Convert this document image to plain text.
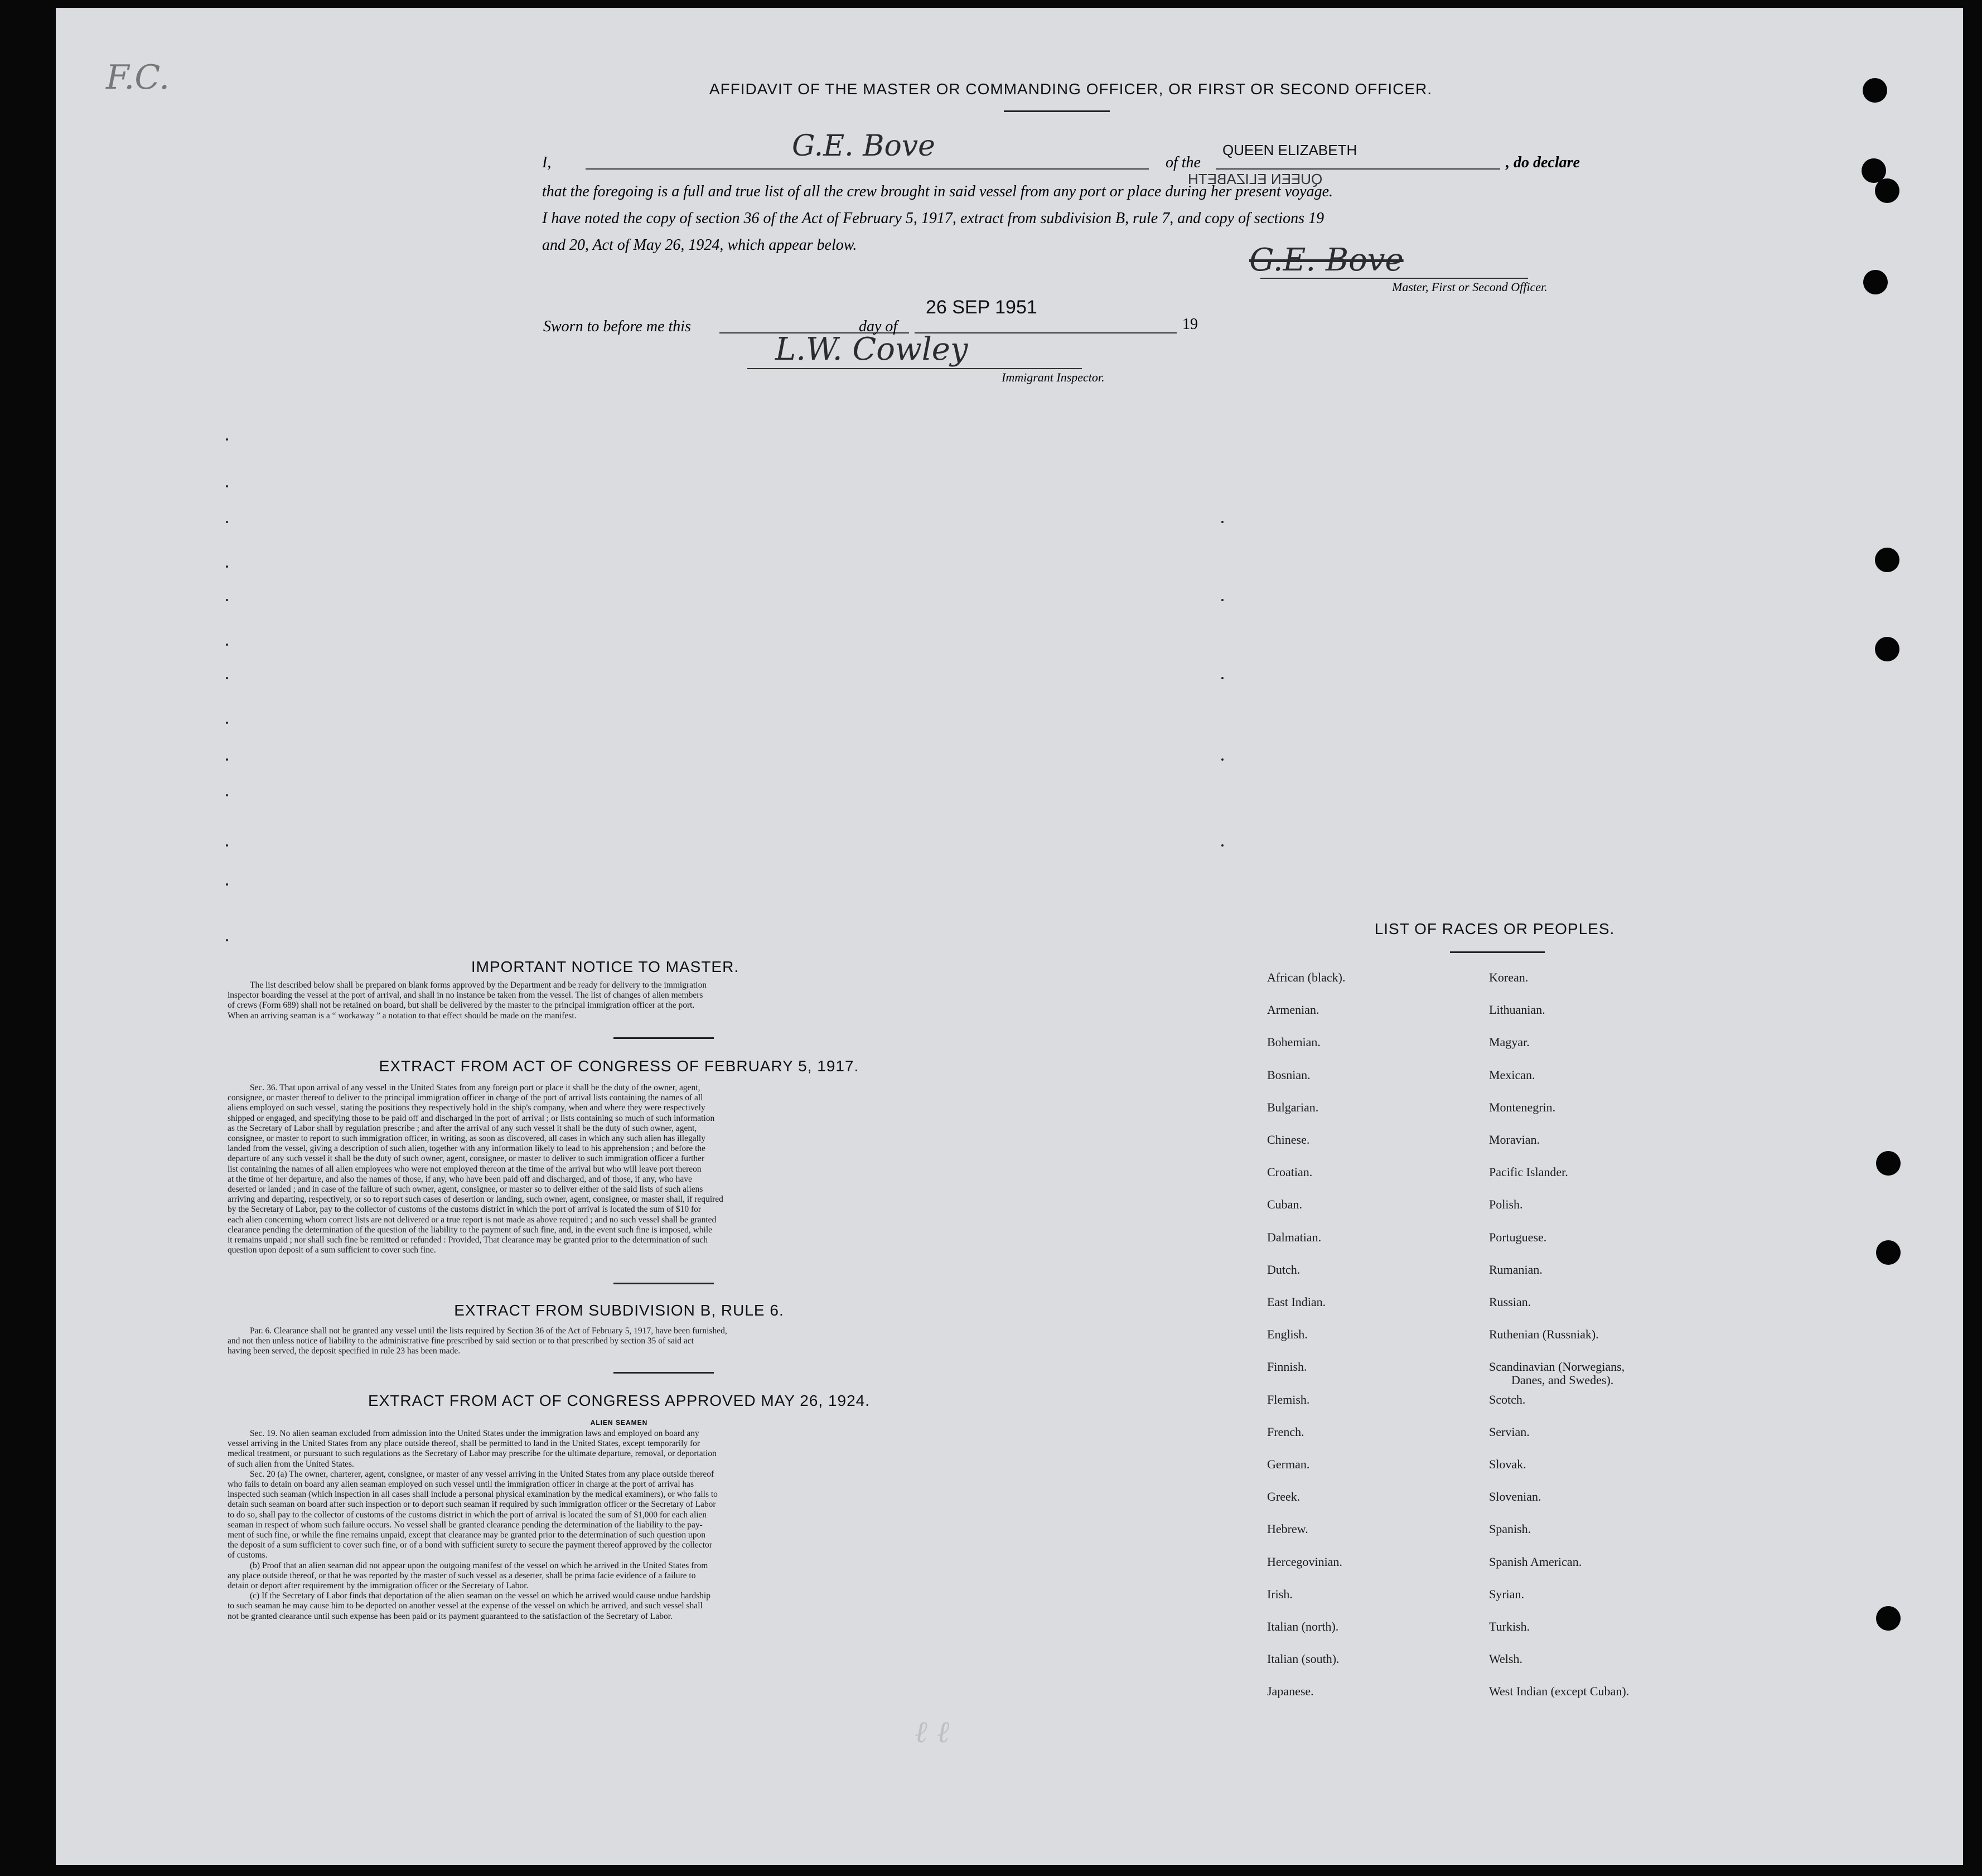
F.C.	AFFIDAVIT OF THE MASTER OR COMMANDING OFFICER, OR FIRST OR SECOND OFFICER.
QUEEN ELIZABETH
I,	G.E. Bove	of the
QUEEN ELIZABETH
, do declare
that the foregoing is a full and true list of all the crew brought in said vessel from any port or place during her present voyage.
I have noted the copy of section 36 of the Act of February 5, 1917, extract from subdivision B, rule 7, and copy of sections 19
and 20, Act of May 26, 1924, which appear below.	G.E. Bove
Master, First or Second Officer.
Sworn to before me this	day of
26 SEP 1951
19
L.W. Cowley
Immigrant Inspector.
LIST OF RACES OR PEOPLES.
African (black).
Armenian.
Bohemian.
Bosnian.
Bulgarian.
Chinese.
Croatian.
Cuban.
Dalmatian.
Dutch.
East Indian.
English.
Finnish.
Flemish.
French.
German.
Greek.
Hebrew.
Hercegovinian.
Irish.
Italian (north).
Italian (south).
Japanese.
Korean.
Lithuanian.
Magyar.
Mexican.
Montenegrin.
Moravian.
Pacific Islander.
Polish.
Portuguese.
Rumanian.
Russian.
Ruthenian (Russniak).
Scandinavian (Norwegians,
Scotch.
Servian.
Slovak.
Slovenian.
Spanish.
Spanish American.
Syrian.
Turkish.
Welsh.
West Indian (except Cuban).
Danes, and Swedes).
IMPORTANT NOTICE TO MASTER.
The list described below shall be prepared on blank forms approved by the Department and be ready for delivery to the immigration
inspector boarding the vessel at the port of arrival, and shall in no instance be taken from the vessel. The list of changes of alien members
of crews (Form 689) shall not be retained on board, but shall be delivered by the master to the principal immigration officer at the port.
When an arriving seaman is a “ workaway ” a notation to that effect should be made on the manifest.
EXTRACT FROM ACT OF CONGRESS OF FEBRUARY 5, 1917.
Sec. 36. That upon arrival of any vessel in the United States from any foreign port or place it shall be the duty of the owner, agent,
consignee, or master thereof to deliver to the principal immigration officer in charge of the port of arrival lists containing the names of all
aliens employed on such vessel, stating the positions they respectively hold in the ship's company, when and where they were respectively
shipped or engaged, and specifying those to be paid off and discharged in the port of arrival ; or lists containing so much of such information
as the Secretary of Labor shall by regulation prescribe ; and after the arrival of any such vessel it shall be the duty of such owner, agent,
consignee, or master to report to such immigration officer, in writing, as soon as discovered, all cases in which any such alien has illegally
landed from the vessel, giving a description of such alien, together with any information likely to lead to his apprehension ; and before the
departure of any such vessel it shall be the duty of such owner, agent, consignee, or master to deliver to such immigration officer a further
list containing the names of all alien employees who were not employed thereon at the time of the arrival but who will leave port thereon
at the time of her departure, and also the names of those, if any, who have been paid off and discharged, and of those, if any, who have
deserted or landed ; and in case of the failure of such owner, agent, consignee, or master so to deliver either of the said lists of such aliens
arriving and departing, respectively, or so to report such cases of desertion or landing, such owner, agent, consignee, or master shall, if required
by the Secretary of Labor, pay to the collector of customs of the customs district in which the port of arrival is located the sum of $10 for
each alien concerning whom correct lists are not delivered or a true report is not made as above required ; and no such vessel shall be granted
clearance pending the determination of the question of the liability to the payment of such fine, and, in the event such fine is imposed, while
it remains unpaid ; nor shall such fine be remitted or refunded : Provided, That clearance may be granted prior to the determination of such
question upon deposit of a sum sufficient to cover such fine.
EXTRACT FROM SUBDIVISION B, RULE 6.
Par. 6. Clearance shall not be granted any vessel until the lists required by Section 36 of the Act of February 5, 1917, have been furnished,
and not then unless notice of liability to the administrative fine prescribed by said section or to that prescribed by section 35 of said act
having been served, the deposit specified in rule 23 has been made.
EXTRACT FROM ACT OF CONGRESS APPROVED MAY 26, 1924.
ALIEN SEAMEN
Sec. 19. No alien seaman excluded from admission into the United States under the immigration laws and employed on board any
vessel arriving in the United States from any place outside thereof, shall be permitted to land in the United States, except temporarily for
medical treatment, or pursuant to such regulations as the Secretary of Labor may prescribe for the ultimate departure, removal, or deportation
of such alien from the United States.
Sec. 20 (a) The owner, charterer, agent, consignee, or master of any vessel arriving in the United States from any place outside thereof
who fails to detain on board any alien seaman employed on such vessel until the immigration officer in charge at the port of arrival has
inspected such seaman (which inspection in all cases shall include a personal physical examination by the medical examiners), or who fails to
detain such seaman on board after such inspection or to deport such seaman if required by such immigration officer or the Secretary of Labor
to do so, shall pay to the collector of customs of the customs district in which the port of arrival is located the sum of $1,000 for each alien
seaman in respect of whom such failure occurs. No vessel shall be granted clearance pending the determination of the liability to the pay-
ment of such fine, or while the fine remains unpaid, except that clearance may be granted prior to the determination of such question upon
the deposit of a sum sufficient to cover such fine, or of a bond with sufficient surety to secure the payment thereof approved by the collector
of customs.
(b) Proof that an alien seaman did not appear upon the outgoing manifest of the vessel on which he arrived in the United States from
any place outside thereof, or that he was reported by the master of such vessel as a deserter, shall be prima facie evidence of a failure to
detain or deport after requirement by the immigration officer or the Secretary of Labor.
(c) If the Secretary of Labor finds that deportation of the alien seaman on the vessel on which he arrived would cause undue hardship
to such seaman he may cause him to be deported on another vessel at the expense of the vessel on which he arrived, and such vessel shall
not be granted clearance until such expense has been paid or its payment guaranteed to the satisfaction of the Secretary of Labor.
ℓ ℓ
